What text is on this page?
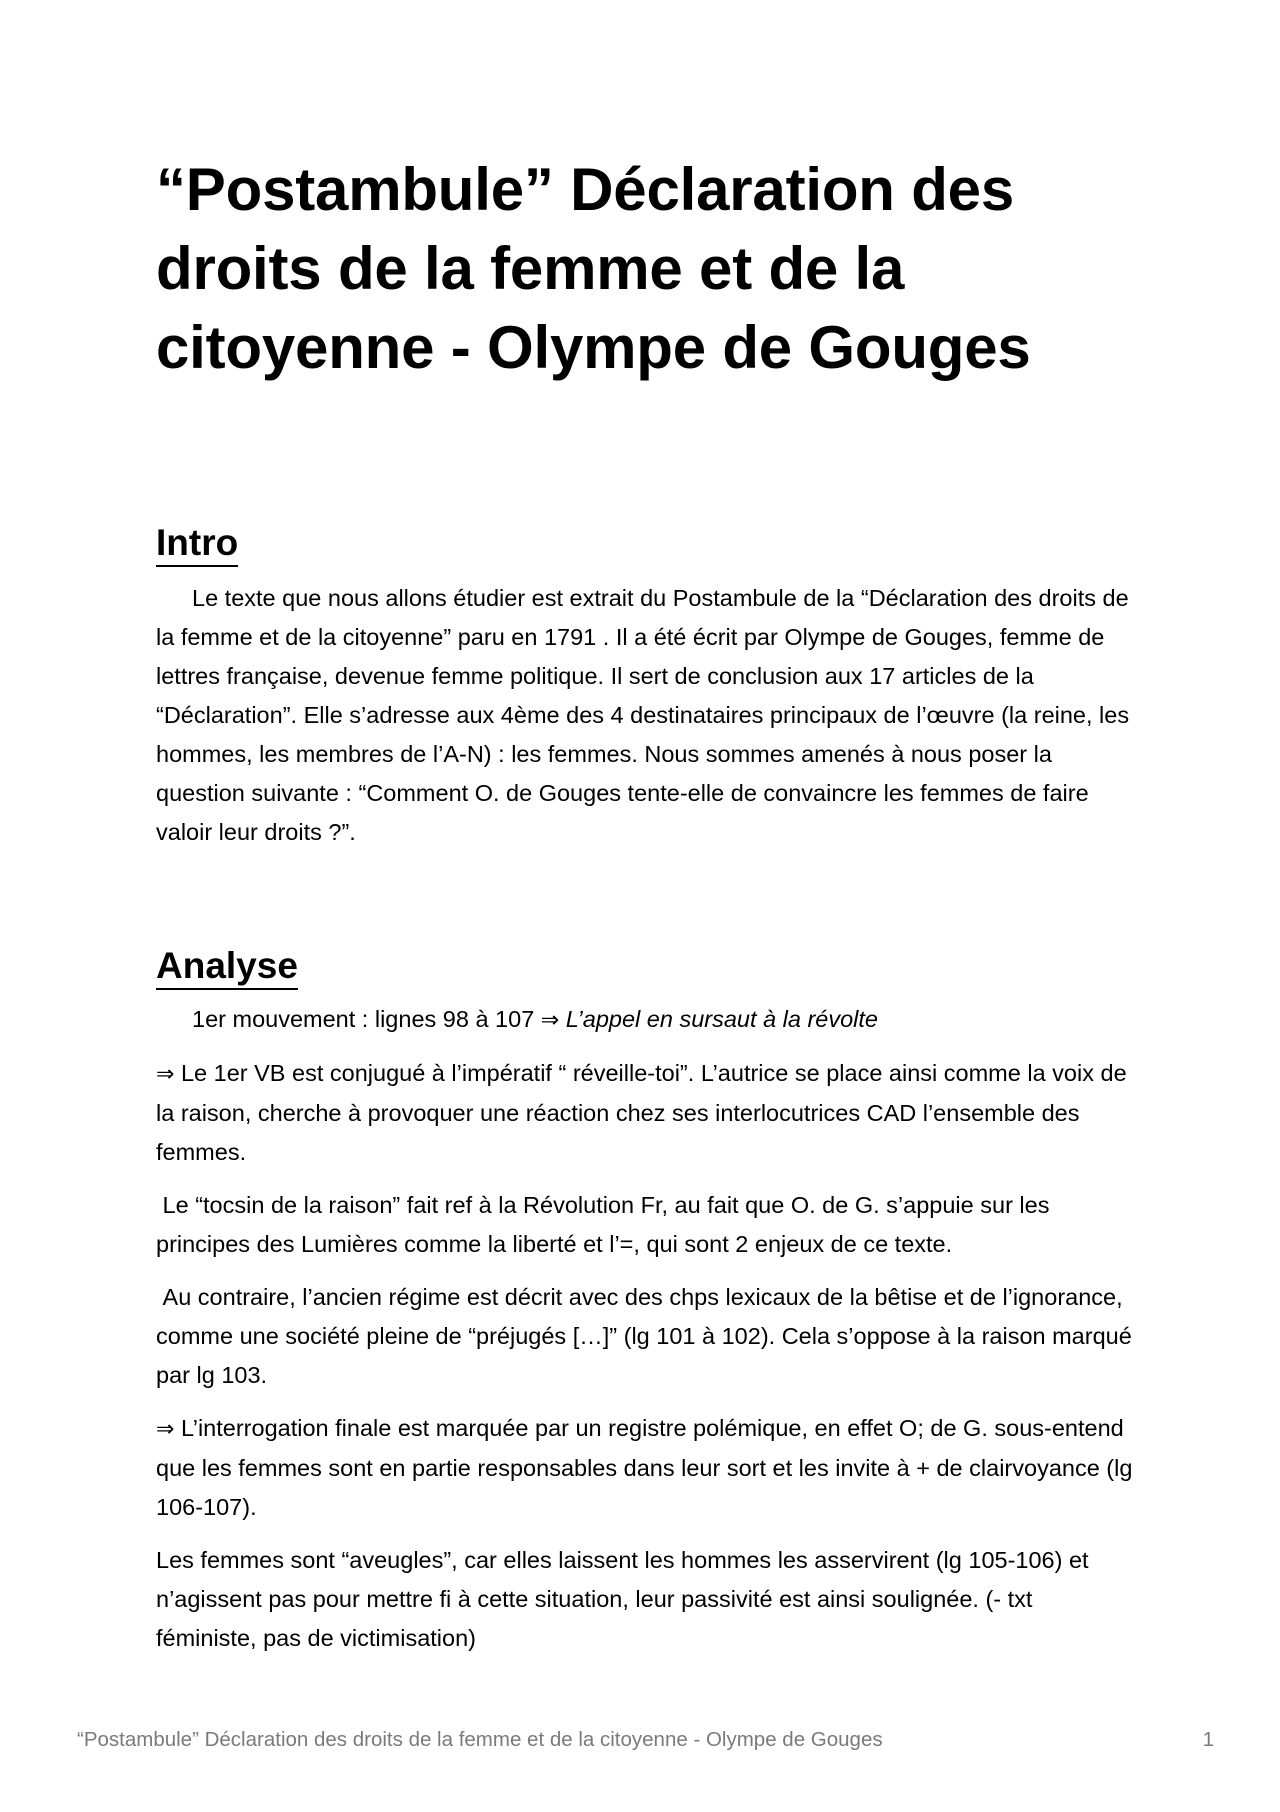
“Postambule” Déclaration des droits de la femme et de la citoyenne - Olympe de Gouges
Intro

Le texte que nous allons étudier est extrait du Postambule de la “Déclaration des droits de la femme et de la citoyenne” paru en 1791 . Il a été écrit par Olympe de Gouges, femme de lettres française, devenue femme politique. Il sert de conclusion aux 17 articles de la “Déclaration”. Elle s’adresse aux 4ème des 4 destinataires principaux de l’œuvre (la reine, les hommes, les membres de l’A-N) : les femmes. Nous sommes amenés à nous poser la question suivante : “Comment O. de Gouges tente-elle de convaincre les femmes de faire valoir leur droits ?”.

Analyse

1er mouvement : lignes 98 à 107 ⇒ L’appel en sursaut à la révolte

⇒ Le 1er VB est conjugué à l’impératif “ réveille-toi”. L’autrice se place ainsi comme la voix de la raison, cherche à provoquer une réaction chez ses interlocutrices CAD l’ensemble des femmes.

Le “tocsin de la raison” fait ref à la Révolution Fr, au fait que O. de G. s’appuie sur les principes des Lumières comme la liberté et l’=, qui sont 2 enjeux de ce texte.

Au contraire, l’ancien régime est décrit avec des chps lexicaux de la bêtise et de l’ignorance, comme une société pleine de “préjugés […]” (lg 101 à 102). Cela s’oppose à la raison marqué par lg 103.

⇒ L’interrogation finale est marquée par un registre polémique, en effet O; de G. sous-entend que les femmes sont en partie responsables dans leur sort et les invite à + de clairvoyance (lg 106-107).

Les femmes sont “aveugles”, car elles laissent les hommes les asservirent (lg 105-106) et n’agissent pas pour mettre fi à cette situation, leur passivité est ainsi soulignée. (- txt féministe, pas de victimisation)

“Postambule” Déclaration des droits de la femme et de la citoyenne - Olympe de Gouges	1
